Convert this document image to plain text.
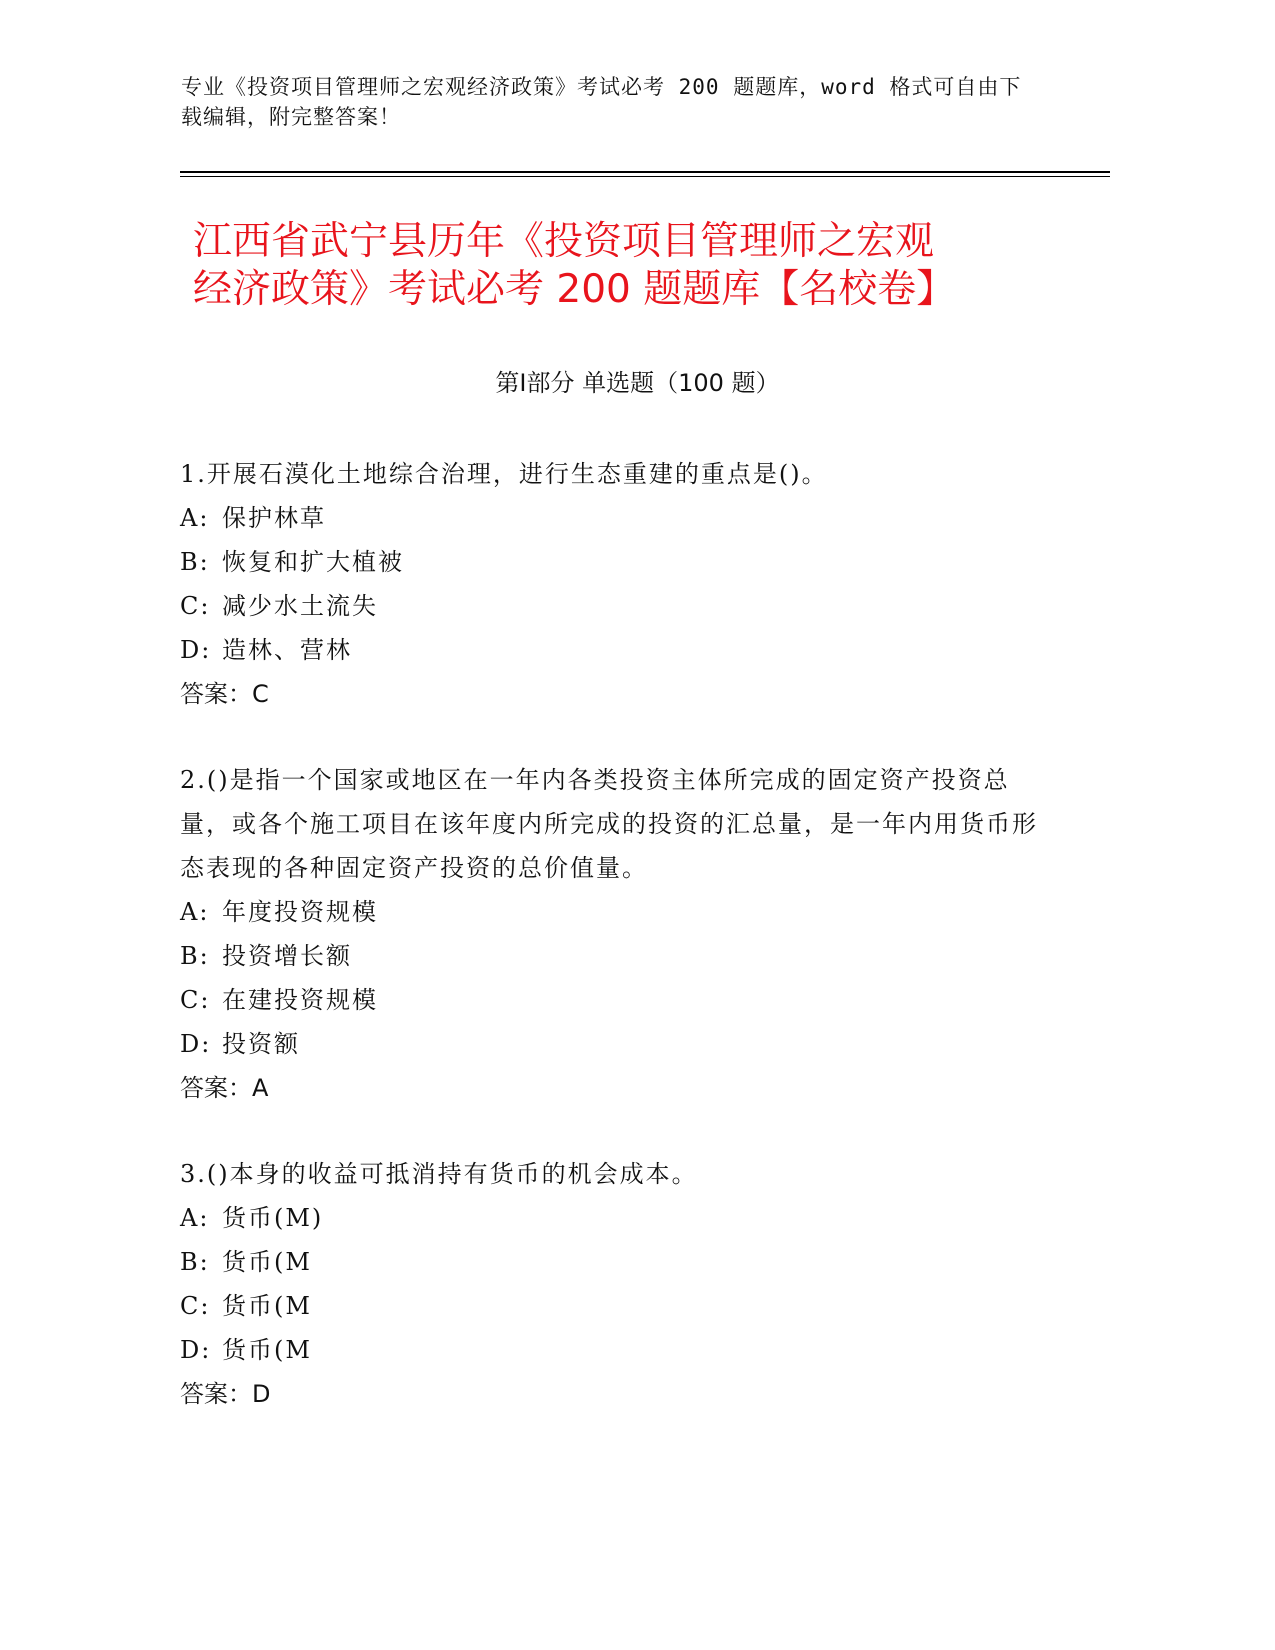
专业《投资项目管理师之宏观经济政策》考试必考 200 题题库，word 格式可自由下载编辑，附完整答案！
江西省武宁县历年《投资项目管理师之宏观
经济政策》考试必考 200 题题库【名校卷】
第Ⅰ部分 单选题（100 题）

1.开展石漠化土地综合治理，进行生态重建的重点是()。

A: 保护林草

B: 恢复和扩大植被

C: 减少水土流失

D: 造林、营林

答案：C

2.()是指一个国家或地区在一年内各类投资主体所完成的固定资产投资总量，或各个施工项目在该年度内所完成的投资的汇总量，是一年内用货币形态表现的各种固定资产投资的总价值量。

A: 年度投资规模

B: 投资增长额

C: 在建投资规模

D: 投资额

答案：A

3.()本身的收益可抵消持有货币的机会成本。

A: 货币(M)

B: 货币(M

C: 货币(M

D: 货币(M

答案：D
